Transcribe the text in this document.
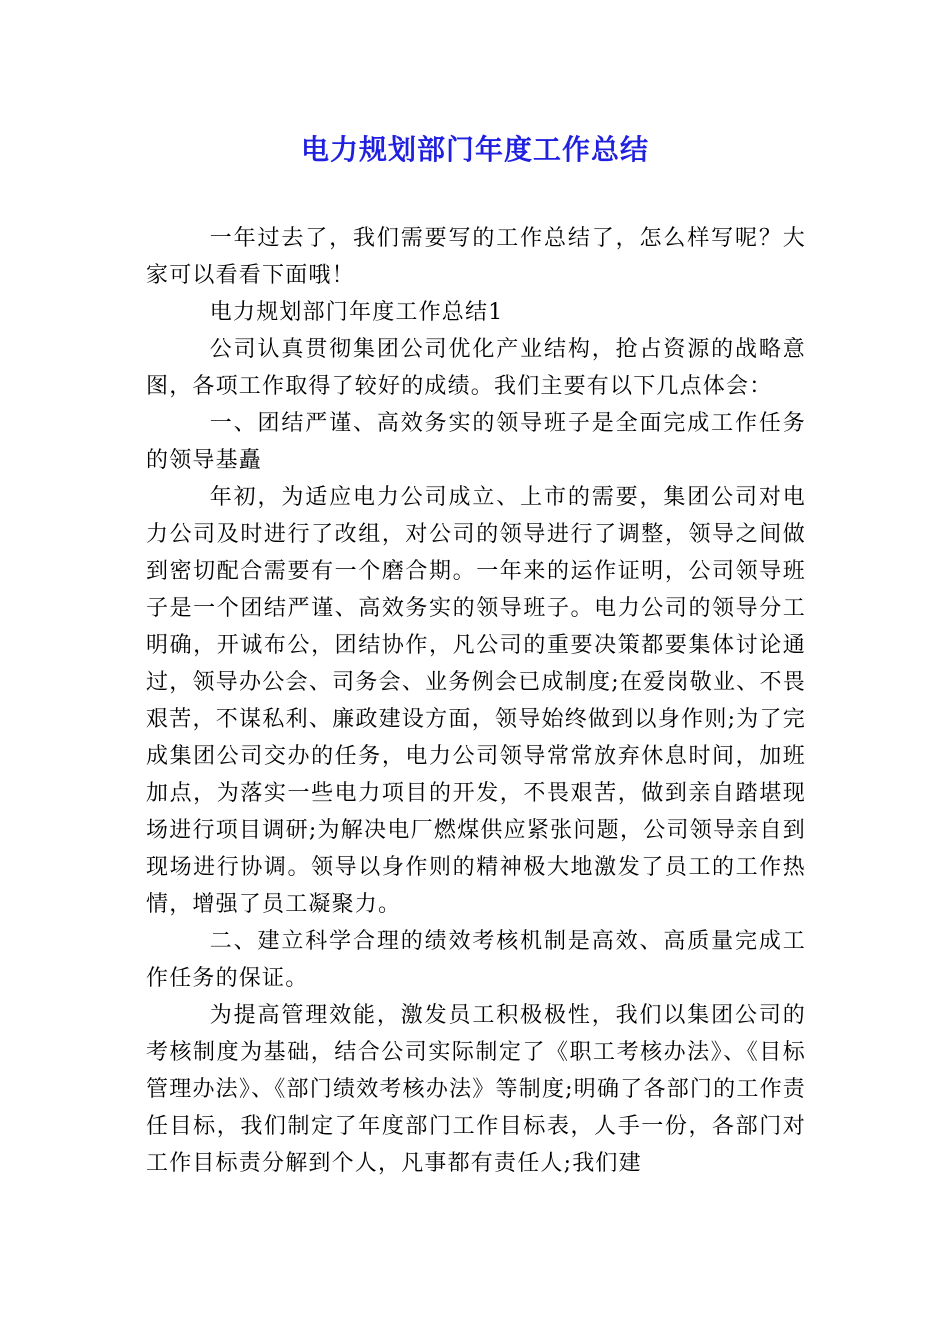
电力规划部门年度工作总结

一年过去了，我们需要写的工作总结了，怎么样写呢？大家可以看看下面哦！

电力规划部门年度工作总结1

公司认真贯彻集团公司优化产业结构，抢占资源的战略意图，各项工作取得了较好的成绩。我们主要有以下几点体会：

一、团结严谨、高效务实的领导班子是全面完成工作任务的领导基矗

年初，为适应电力公司成立、上市的需要，集团公司对电力公司及时进行了改组，对公司的领导进行了调整，领导之间做到密切配合需要有一个磨合期。一年来的运作证明，公司领导班子是一个团结严谨、高效务实的领导班子。电力公司的领导分工明确，开诚布公，团结协作，凡公司的重要决策都要集体讨论通过，领导办公会、司务会、业务例会已成制度;在爱岗敬业、不畏艰苦，不谋私利、廉政建设方面，领导始终做到以身作则;为了完成集团公司交办的任务，电力公司领导常常放弃休息时间，加班加点，为落实一些电力项目的开发，不畏艰苦，做到亲自踏堪现场进行项目调研;为解决电厂燃煤供应紧张问题，公司领导亲自到现场进行协调。领导以身作则的精神极大地激发了员工的工作热情，增强了员工凝聚力。

二、建立科学合理的绩效考核机制是高效、高质量完成工作任务的保证。

为提高管理效能，激发员工积极极性，我们以集团公司的考核制度为基础，结合公司实际制定了《职工考核办法》、《目标管理办法》、《部门绩效考核办法》等制度;明确了各部门的工作责任目标，我们制定了年度部门工作目标表，人手一份，各部门对工作目标责分解到个人，凡事都有责任人;我们建
